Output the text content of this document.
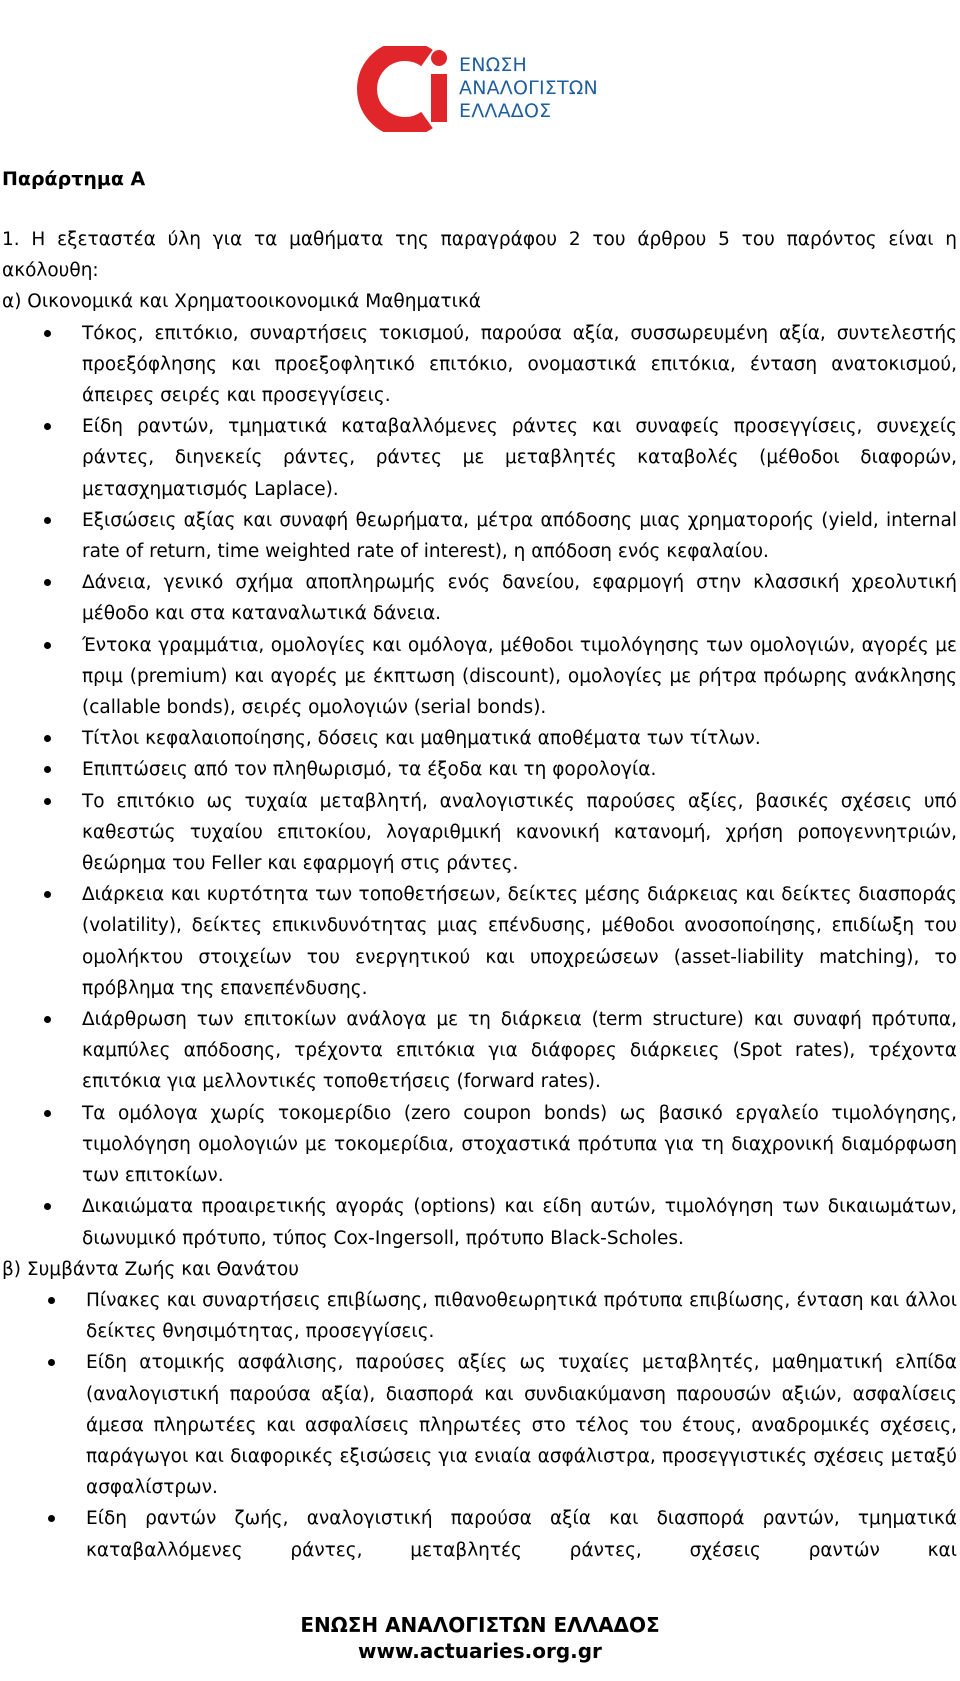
ΕΝΩΣΗ
ΑΝΑΛΟΓΙΣΤΩΝ
ΕΛΛΑΔΟΣ
Παράρτημα Α

1. Η εξεταστέα ύλη για τα μαθήματα της παραγράφου 2 του άρθρου 5 του παρόντος είναι η ακόλουθη:

α) Οικονομικά και Χρηματοοικονομικά Μαθηματικά

Τόκος, επιτόκιο, συναρτήσεις τοκισμού, παρούσα αξία, συσσωρευμένη αξία, συντελεστής προεξόφλησης και προεξοφλητικό επιτόκιο, ονομαστικά επιτόκια, ένταση ανατοκισμού, άπειρες σειρές και προσεγγίσεις.
Είδη ραντών, τμηματικά καταβαλλόμενες ράντες και συναφείς προσεγγίσεις, συνεχείς ράντες, διηνεκείς ράντες, ράντες με μεταβλητές καταβολές (μέθοδοι διαφορών, μετασχηματισμός Laplace).
Εξισώσεις αξίας και συναφή θεωρήματα, μέτρα απόδοσης μιας χρηματοροής (yield, internal rate of return, time weighted rate of interest), η απόδοση ενός κεφαλαίου.
Δάνεια, γενικό σχήμα αποπληρωμής ενός δανείου, εφαρμογή στην κλασσική χρεολυτική μέθοδο και στα καταναλωτικά δάνεια.
Έντοκα γραμμάτια, ομολογίες και ομόλογα, μέθοδοι τιμολόγησης των ομολογιών, αγορές με πριμ (premium) και αγορές με έκπτωση (discount), ομολογίες με ρήτρα πρόωρης ανάκλησης (callable bonds), σειρές ομολογιών (serial bonds).
Τίτλοι κεφαλαιοποίησης, δόσεις και μαθηματικά αποθέματα των τίτλων.
Επιπτώσεις από τον πληθωρισμό, τα έξοδα και τη φορολογία.
Το επιτόκιο ως τυχαία μεταβλητή, αναλογιστικές παρούσες αξίες, βασικές σχέσεις υπό καθεστώς τυχαίου επιτοκίου, λογαριθμική κανονική κατανομή, χρήση ροπογεννητριών, θεώρημα του Feller και εφαρμογή στις ράντες.
Διάρκεια και κυρτότητα των τοποθετήσεων, δείκτες μέσης διάρκειας και δείκτες διασποράς (volatility), δείκτες επικινδυνότητας μιας επένδυσης, μέθοδοι ανοσοποίησης, επιδίωξη του ομολήκτου στοιχείων του ενεργητικού και υποχρεώσεων (asset-liability matching), το πρόβλημα της επανεπένδυσης.
Διάρθρωση των επιτοκίων ανάλογα με τη διάρκεια (term structure) και συναφή πρότυπα, καμπύλες απόδοσης, τρέχοντα επιτόκια για διάφορες διάρκειες (Spot rates), τρέχοντα επιτόκια για μελλοντικές τοποθετήσεις (forward rates).
Τα ομόλογα χωρίς τοκομερίδιο (zero coupon bonds) ως βασικό εργαλείο τιμολόγησης, τιμολόγηση ομολογιών με τοκομερίδια, στοχαστικά πρότυπα για τη διαχρονική διαμόρφωση των επιτοκίων.
Δικαιώματα προαιρετικής αγοράς (options) και είδη αυτών, τιμολόγηση των δικαιωμάτων, διωνυμικό πρότυπο, τύπος Cox-Ingersoll, πρότυπο Black-Scholes.

β) Συμβάντα Ζωής και Θανάτου

Πίνακες και συναρτήσεις επιβίωσης, πιθανοθεωρητικά πρότυπα επιβίωσης, ένταση και άλλοι δείκτες θνησιμότητας, προσεγγίσεις.
Είδη ατομικής ασφάλισης, παρούσες αξίες ως τυχαίες μεταβλητές, μαθηματική ελπίδα (αναλογιστική παρούσα αξία), διασπορά και συνδιακύμανση παρουσών αξιών, ασφαλίσεις άμεσα πληρωτέες και ασφαλίσεις πληρωτέες στο τέλος του έτους, αναδρομικές σχέσεις, παράγωγοι και διαφορικές εξισώσεις για ενιαία ασφάλιστρα, προσεγγιστικές σχέσεις μεταξύ ασφαλίστρων.
Είδη ραντών ζωής, αναλογιστική παρούσα αξία και διασπορά ραντών, τμηματικά καταβαλλόμενες ράντες, μεταβλητές ράντες, σχέσεις ραντών και
ΕΝΩΣΗ ΑΝΑΛΟΓΙΣΤΩΝ ΕΛΛΑΔΟΣ
www.actuaries.org.gr
